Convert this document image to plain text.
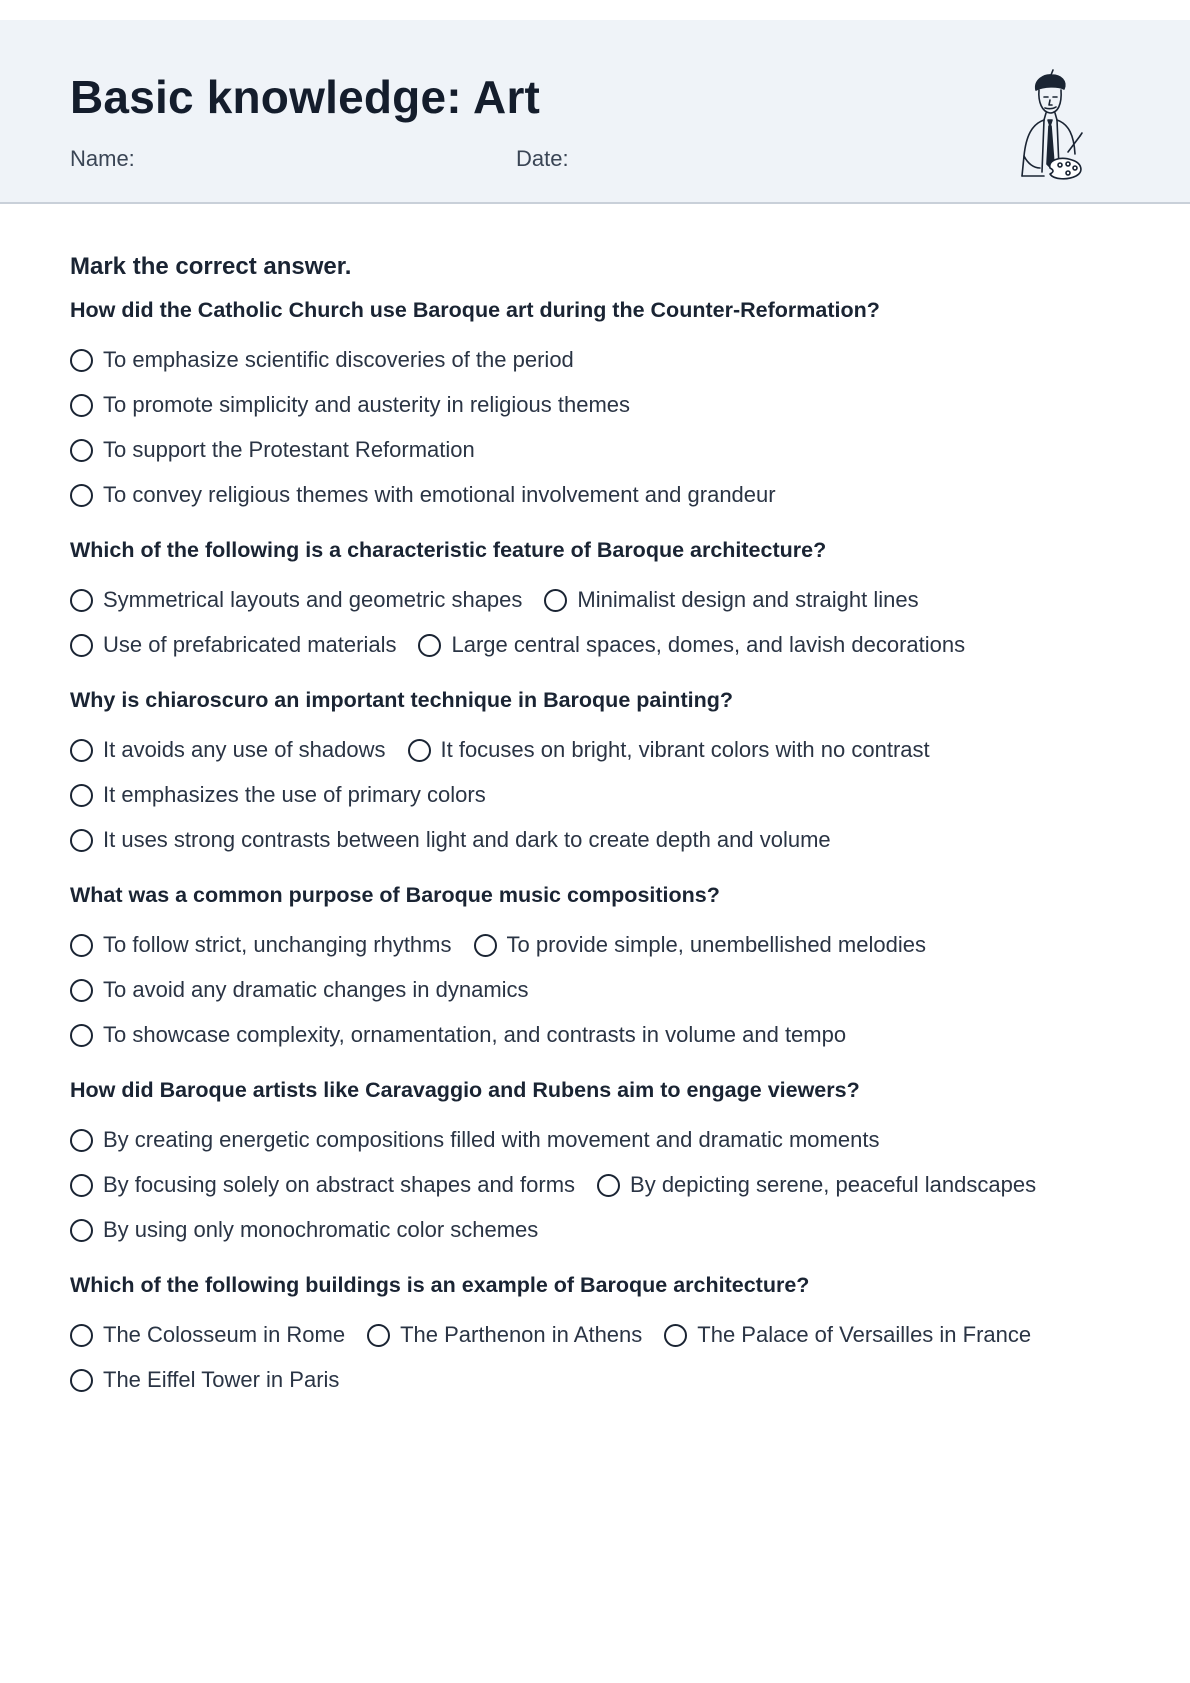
Basic knowledge: Art
Name:	Date:
Mark the correct answer.
How did the Catholic Church use Baroque art during the Counter-Reformation?
To emphasize scientific discoveries of the period
To promote simplicity and austerity in religious themes
To support the Protestant Reformation
To convey religious themes with emotional involvement and grandeur
Which of the following is a characteristic feature of Baroque architecture?
Symmetrical layouts and geometric shapes	Minimalist design and straight lines
Use of prefabricated materials	Large central spaces, domes, and lavish decorations
Why is chiaroscuro an important technique in Baroque painting?
It avoids any use of shadows	It focuses on bright, vibrant colors with no contrast
It emphasizes the use of primary colors
It uses strong contrasts between light and dark to create depth and volume
What was a common purpose of Baroque music compositions?
To follow strict, unchanging rhythms	To provide simple, unembellished melodies
To avoid any dramatic changes in dynamics
To showcase complexity, ornamentation, and contrasts in volume and tempo
How did Baroque artists like Caravaggio and Rubens aim to engage viewers?
By creating energetic compositions filled with movement and dramatic moments
By focusing solely on abstract shapes and forms	By depicting serene, peaceful landscapes
By using only monochromatic color schemes
Which of the following buildings is an example of Baroque architecture?
The Colosseum in Rome	The Parthenon in Athens	The Palace of Versailles in France
The Eiffel Tower in Paris
